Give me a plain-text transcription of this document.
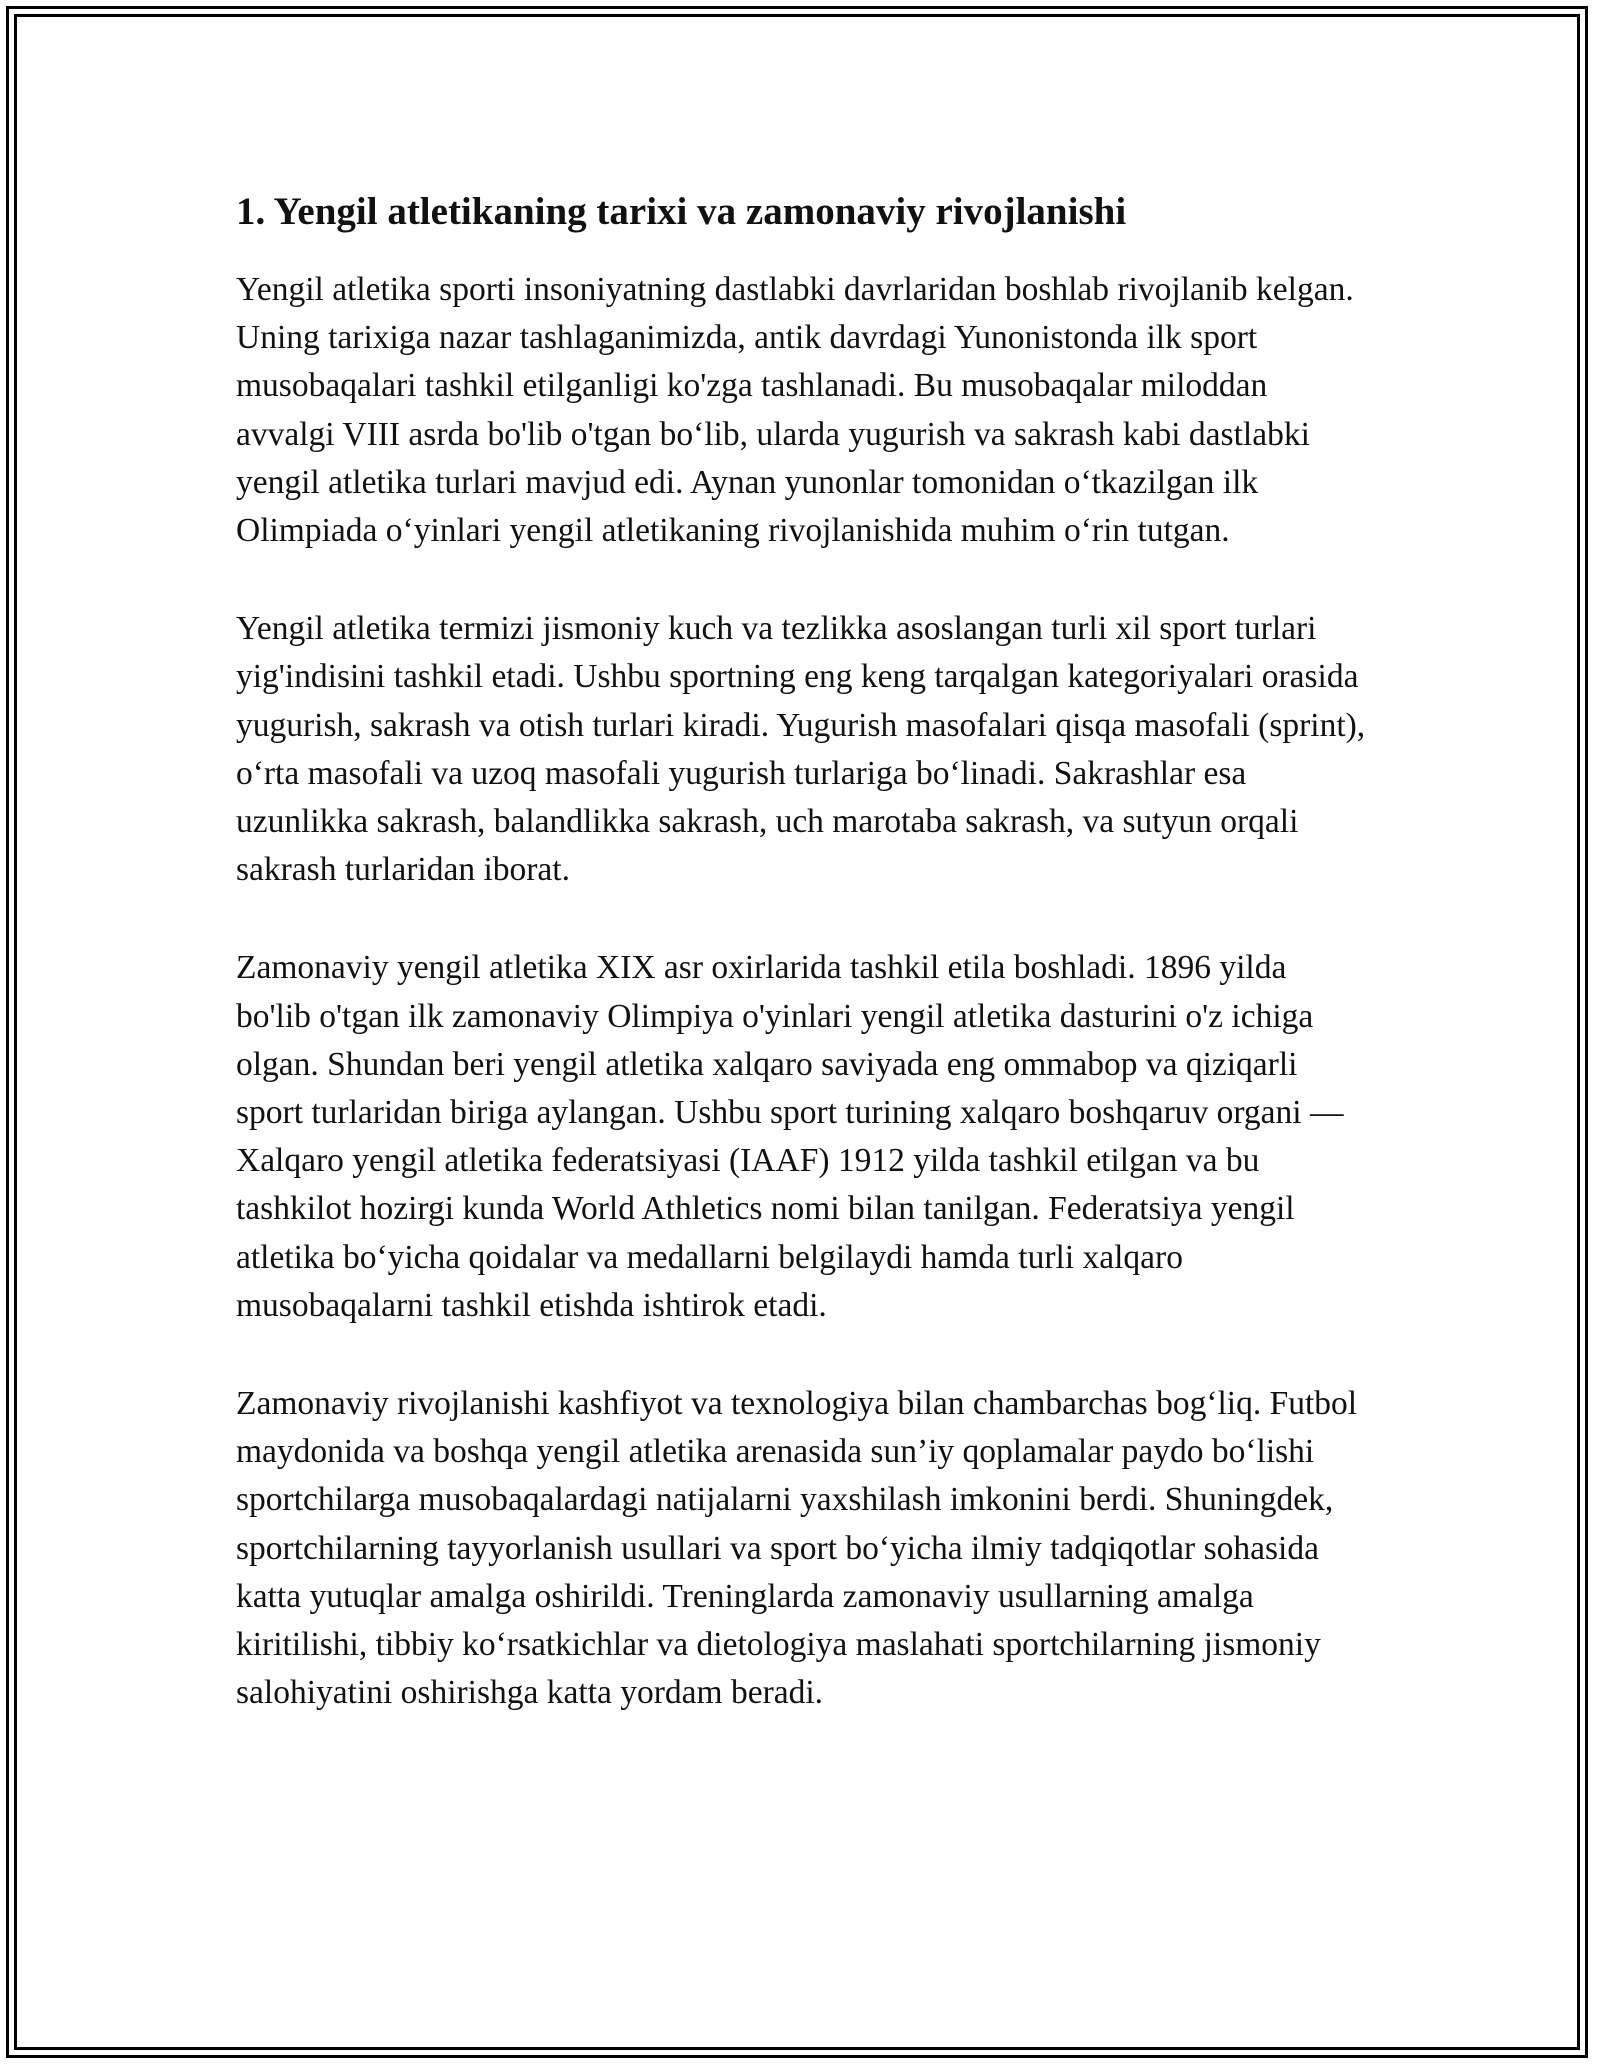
1. Yengil atletikaning tarixi va zamonaviy rivojlanishi

Yengil atletika sporti insoniyatning dastlabki davrlaridan boshlab rivojlanib kelgan. Uning tarixiga nazar tashlaganimizda, antik davrdagi Yunonistonda ilk sport musobaqalari tashkil etilganligi ko'zga tashlanadi. Bu musobaqalar miloddan avvalgi VIII asrda bo'lib o'tgan bo‘lib, ularda yugurish va sakrash kabi dastlabki yengil atletika turlari mavjud edi. Aynan yunonlar tomonidan o‘tkazilgan ilk Olimpiada o‘yinlari yengil atletikaning rivojlanishida muhim o‘rin tutgan.

Yengil atletika termizi jismoniy kuch va tezlikka asoslangan turli xil sport turlari yig'indisini tashkil etadi. Ushbu sportning eng keng tarqalgan kategoriyalari orasida yugurish, sakrash va otish turlari kiradi. Yugurish masofalari qisqa masofali (sprint), o‘rta masofali va uzoq masofali yugurish turlariga bo‘linadi. Sakrashlar esa uzunlikka sakrash, balandlikka sakrash, uch marotaba sakrash, va sutyun orqali sakrash turlaridan iborat.

Zamonaviy yengil atletika XIX asr oxirlarida tashkil etila boshladi. 1896 yilda bo'lib o'tgan ilk zamonaviy Olimpiya o'yinlari yengil atletika dasturini o'z ichiga olgan. Shundan beri yengil atletika xalqaro saviyada eng ommabop va qiziqarli sport turlaridan biriga aylangan. Ushbu sport turining xalqaro boshqaruv organi — Xalqaro yengil atletika federatsiyasi (IAAF) 1912 yilda tashkil etilgan va bu tashkilot hozirgi kunda World Athletics nomi bilan tanilgan. Federatsiya yengil atletika bo‘yicha qoidalar va medallarni belgilaydi hamda turli xalqaro musobaqalarni tashkil etishda ishtirok etadi.

Zamonaviy rivojlanishi kashfiyot va texnologiya bilan chambarchas bog‘liq. Futbol maydonida va boshqa yengil atletika arenasida sun’iy qoplamalar paydo bo‘lishi sportchilarga musobaqalardagi natijalarni yaxshilash imkonini berdi. Shuningdek, sportchilarning tayyorlanish usullari va sport bo‘yicha ilmiy tadqiqotlar sohasida katta yutuqlar amalga oshirildi. Treninglarda zamonaviy usullarning amalga kiritilishi, tibbiy ko‘rsatkichlar va dietologiya maslahati sportchilarning jismoniy salohiyatini oshirishga katta yordam beradi.
